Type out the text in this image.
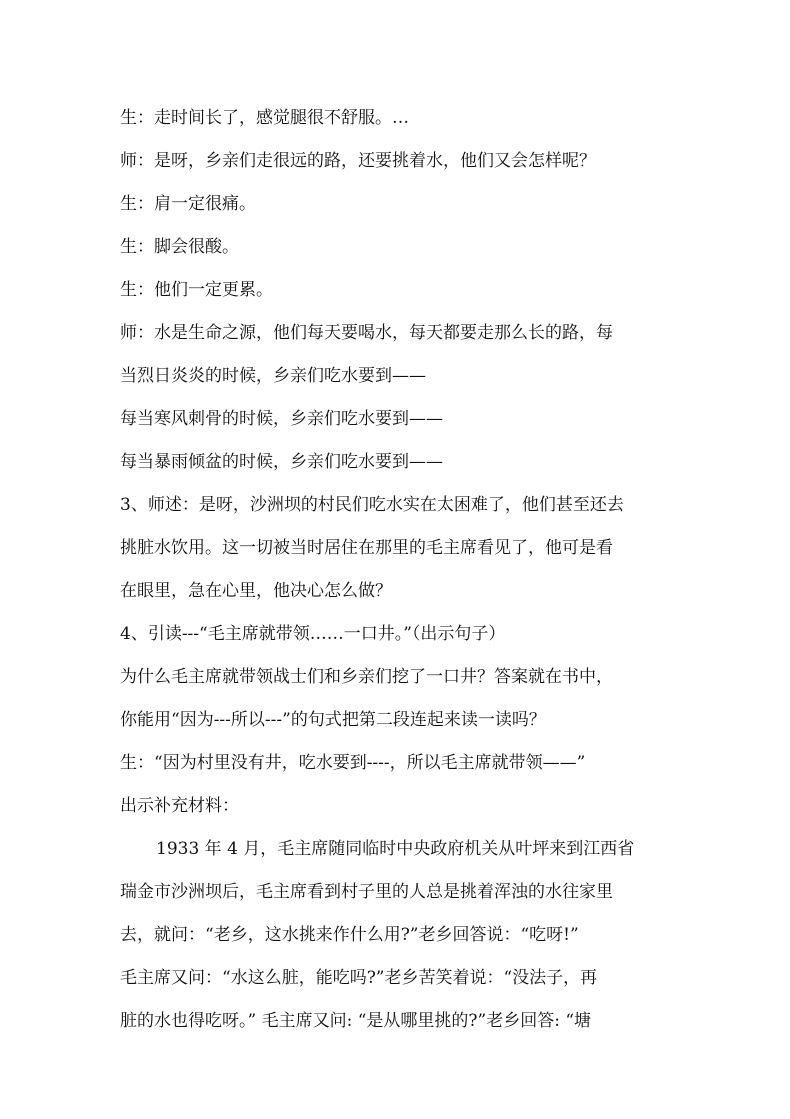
生：走时间长了，感觉腿很不舒服。…
师：是呀，乡亲们走很远的路，还要挑着水，他们又会怎样呢？
生：肩一定很痛。
生：脚会很酸。
生：他们一定更累。
师：水是生命之源，他们每天要喝水，每天都要走那么长的路，每
当烈日炎炎的时候，乡亲们吃水要到——
每当寒风刺骨的时候，乡亲们吃水要到——
每当暴雨倾盆的时候，乡亲们吃水要到——
3、师述：是呀，沙洲坝的村民们吃水实在太困难了，他们甚至还去
挑脏水饮用。这一切被当时居住在那里的毛主席看见了，他可是看
在眼里，急在心里，他决心怎么做？
4、引读---“毛主席就带领……一口井。”（出示句子）
为什么毛主席就带领战士们和乡亲们挖了一口井？答案就在书中，
你能用“因为---所以---”的句式把第二段连起来读一读吗？
生：“因为村里没有井，吃水要到----，所以毛主席就带领——”
出示补充材料：
1933 年 4 月，毛主席随同临时中央政府机关从叶坪来到江西省
瑞金市沙洲坝后，毛主席看到村子里的人总是挑着浑浊的水往家里
去，就问：“老乡，这水挑来作什么用?”老乡回答说：“吃呀!”
毛主席又问：“水这么脏，能吃吗?”老乡苦笑着说：“没法子，再
脏的水也得吃呀。” 毛主席又问: “是从哪里挑的?”老乡回答: “塘
